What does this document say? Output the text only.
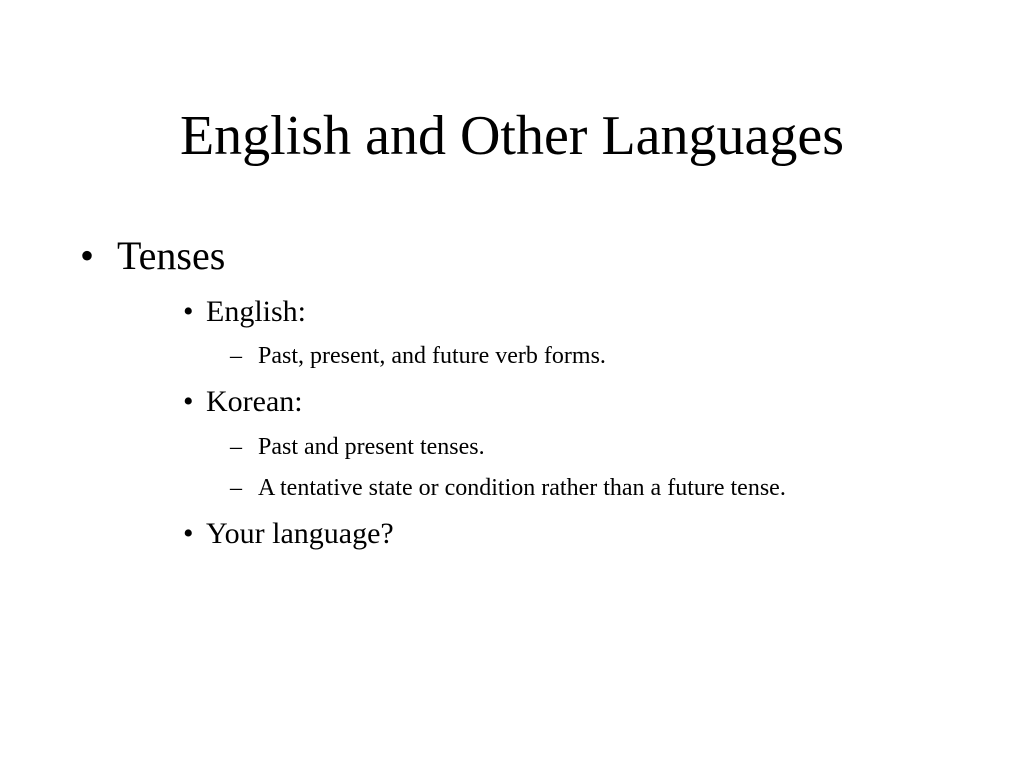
English and Other Languages
• Tenses
• English:
– Past, present, and future verb forms.
• Korean:
– Past and present tenses.
– A tentative state or condition rather than a future tense.
• Your language?
